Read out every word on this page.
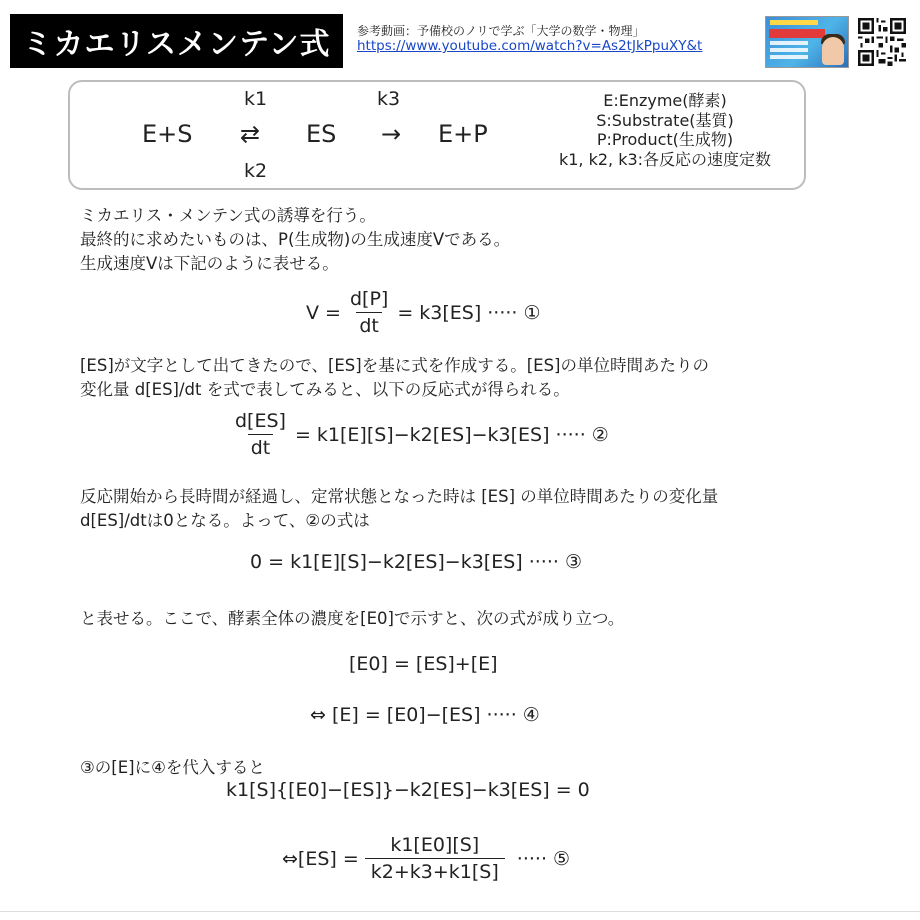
ミカエリスメンテン式 参考動画：予備校のノリで学ぶ「大学の数学・物理」
https://www.youtube.com/watch?v=As2tJkPpuXY&t
k1	k3
k2
E+S ⇄ ES → E+P
E:Enzyme(酵素)
S:Substrate(基質)
P:Product(生成物)
k1, k2, k3:各反応の速度定数
ミカエリス・メンテン式の誘導を行う。
最終的に求めたいものは、P(生成物)の生成速度Vである。
生成速度Vは下記のように表せる。
$V = \frac{d[P]}{dt} = k3[ES]$ ····· ①
[ES]が文字として出てきたので、[ES]を基に式を作成する。[ES]の単位時間あたりの
変化量 d[ES]/dt を式で表してみると、以下の反応式が得られる。
$\frac{d[ES]}{dt} = k1[E][S]-k2[ES]-k3[ES]$ ····· ②
反応開始から長時間が経過し、定常状態となった時は [ES] の単位時間あたりの変化量
d[ES]/dtは0となる。よって、②の式は
0 = k1[E][S]−k2[ES]−k3[ES] ····· ③
と表せる。ここで、酵素全体の濃度を[E0]で示すと、次の式が成り立つ。
[E0] = [ES]+[E]
⇔ [E] = [E0]−[ES] ····· ④
③の[E]に④を代入すると
k1[S]{[E0]−[ES]}−k2[ES]−k3[ES] = 0
⇔[ES] = $\frac{k1[E0][S]}{k2+k3+k1[S]}$ ····· ⑤
